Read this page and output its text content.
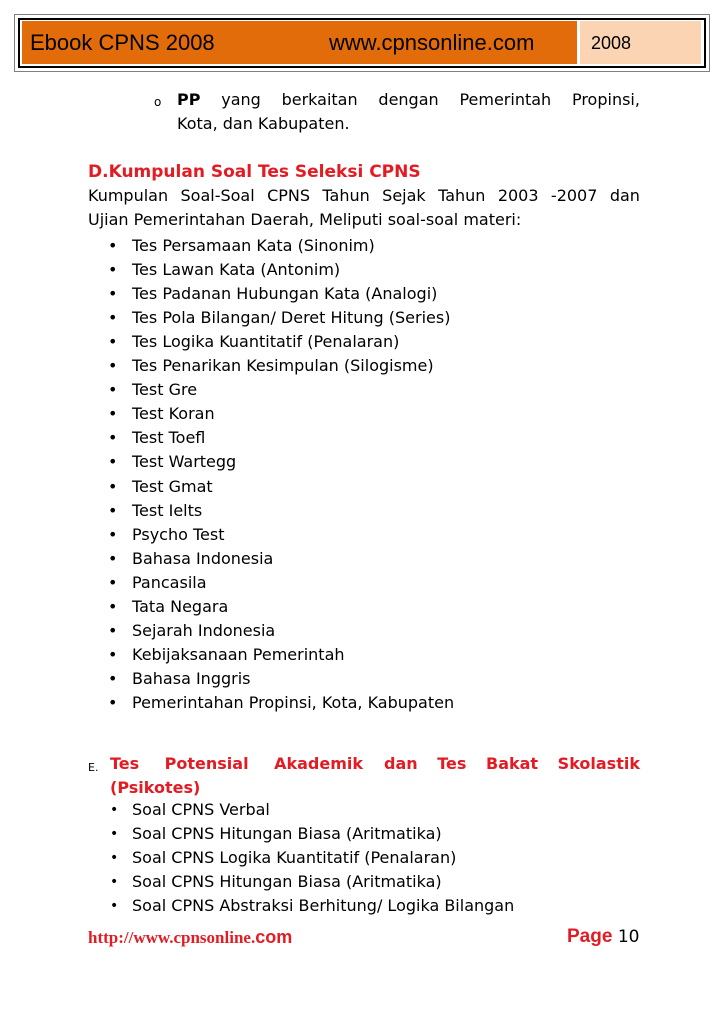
Ebook CPNS 2008	www.cpnsonline.com	2008
o PP yang berkaitan dengan Pemerintah Propinsi,
Kota, dan Kabupaten.
D.Kumpulan Soal Tes Seleksi CPNS
Kumpulan Soal-Soal CPNS Tahun Sejak Tahun 2003 -2007 dan
Ujian Pemerintahan Daerah, Meliputi soal-soal materi:
• Tes Persamaan Kata (Sinonim)
• Tes Lawan Kata (Antonim)
• Tes Padanan Hubungan Kata (Analogi)
• Tes Pola Bilangan/ Deret Hitung (Series)
• Tes Logika Kuantitatif (Penalaran)
• Tes Penarikan Kesimpulan (Silogisme)
• Test Gre
• Test Koran
• Test Toefl
• Test Wartegg
• Test Gmat
• Test Ielts
• Psycho Test
• Bahasa Indonesia
• Pancasila
• Tata Negara
• Sejarah Indonesia
• Kebijaksanaan Pemerintah
• Bahasa Inggris
• Pemerintahan Propinsi, Kota, Kabupaten
E. Tes Potensial Akademik dan Tes Bakat Skolastik
(Psikotes)
• Soal CPNS Verbal
• Soal CPNS Hitungan Biasa (Aritmatika)
• Soal CPNS Logika Kuantitatif (Penalaran)
• Soal CPNS Hitungan Biasa (Aritmatika)
• Soal CPNS Abstraksi Berhitung/ Logika Bilangan
http://www.cpnsonline.com	Page 10
